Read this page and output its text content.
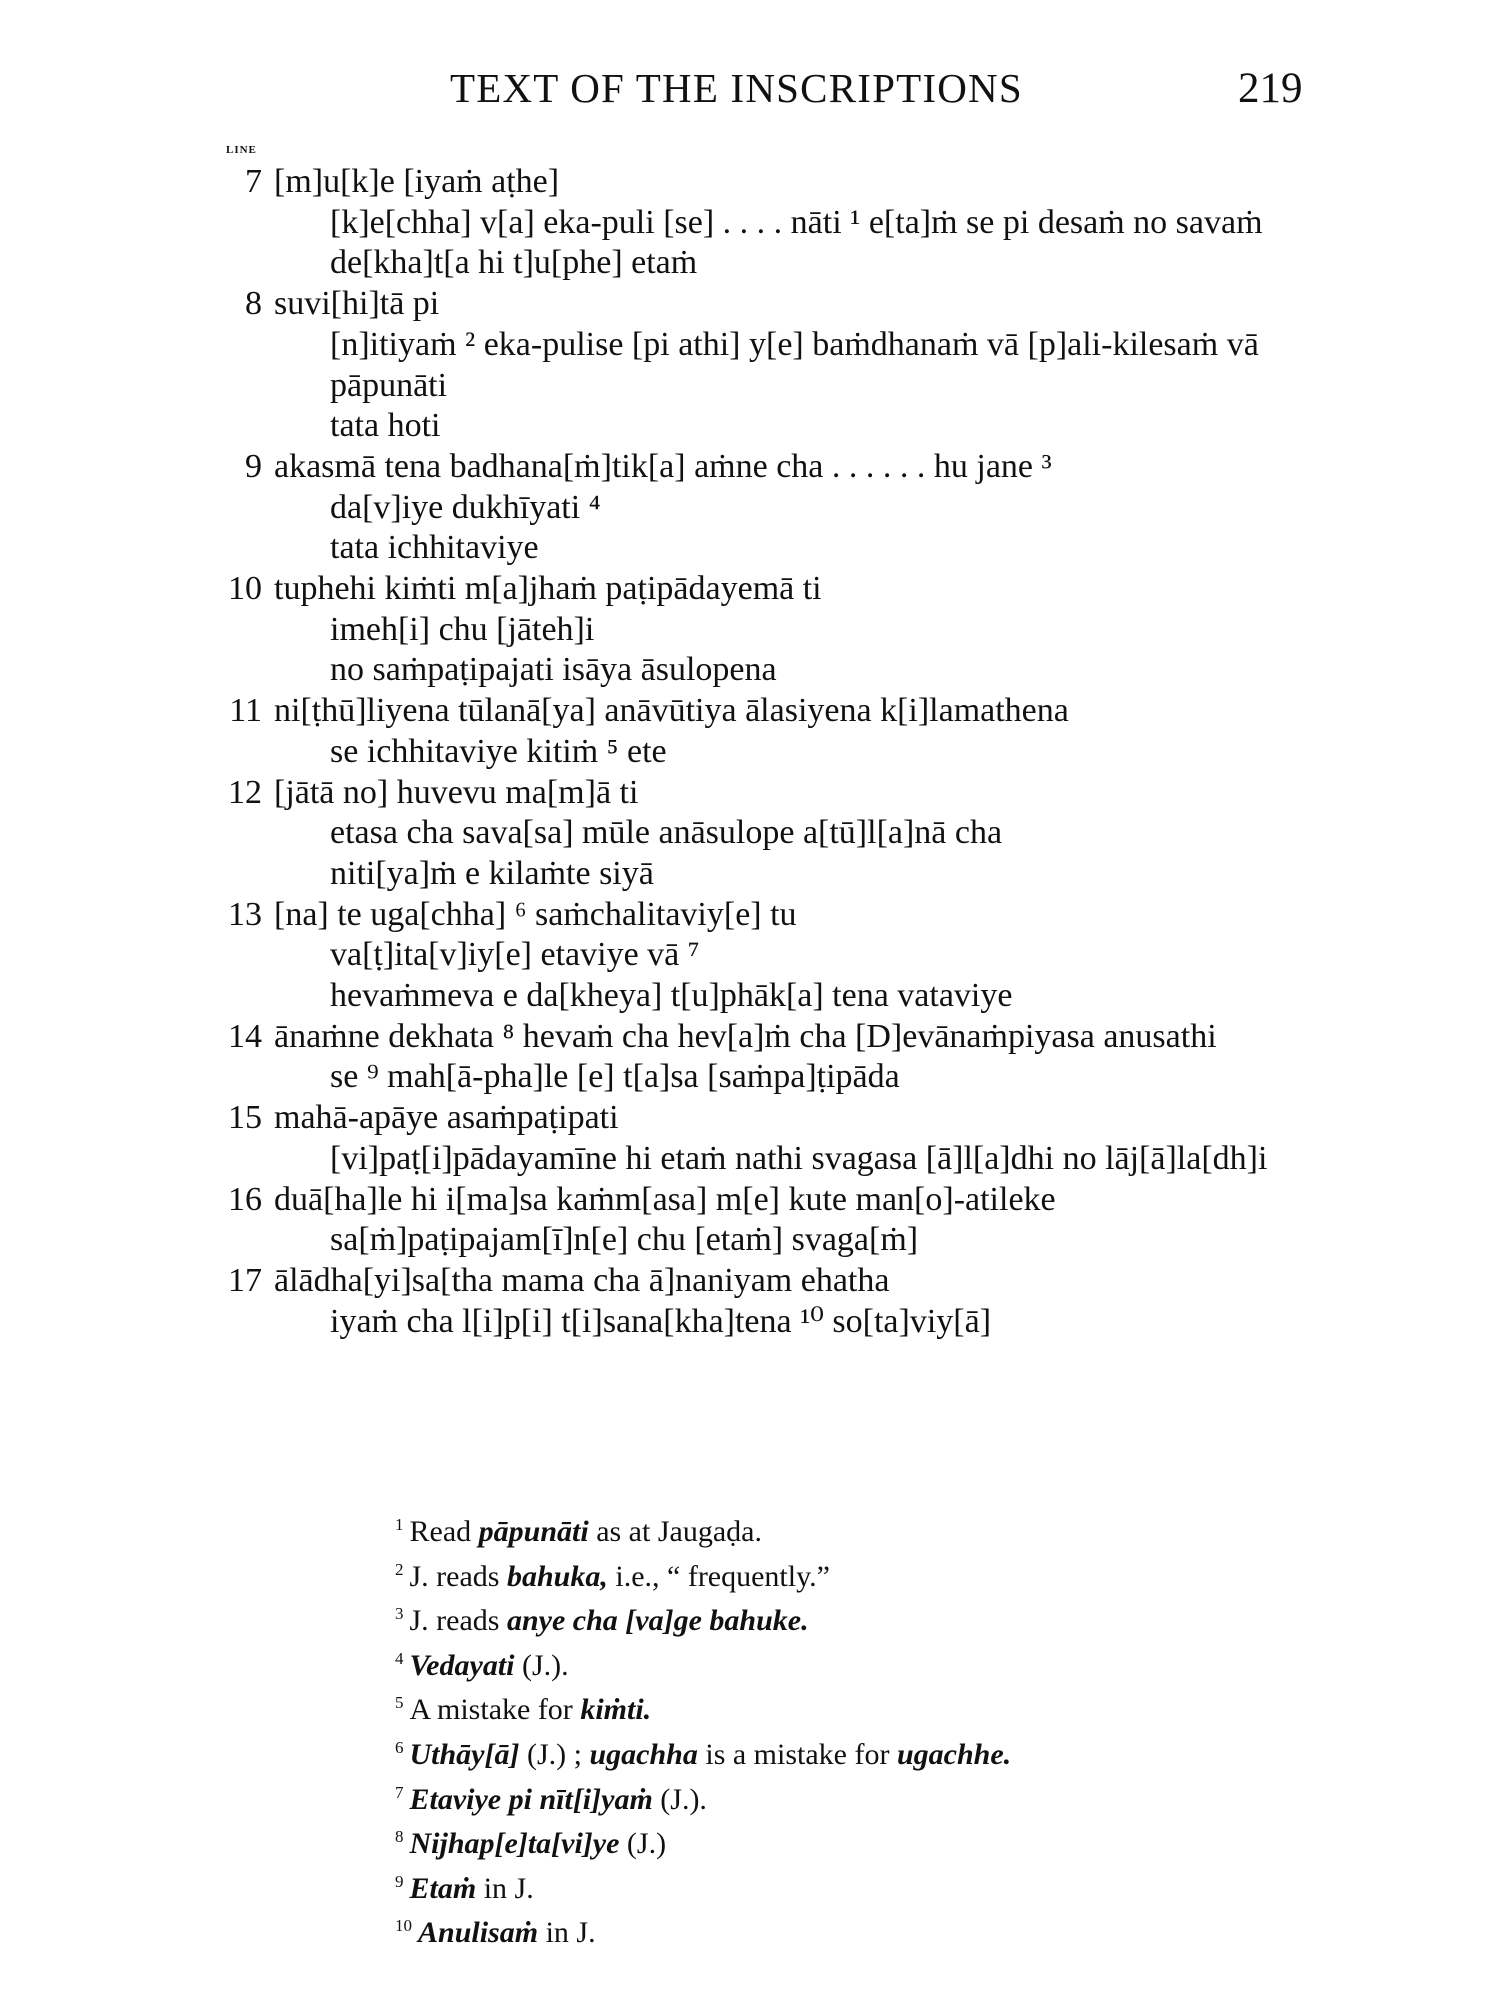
TEXT OF THE INSCRIPTIONS	219
LINE
7 [m]u[k]e [iyaṁ aṭhe]
[k]e[chha] v[a] eka-puli [se] . . . . nāti ¹ e[ta]ṁ se pi desaṁ no savaṁ
de[kha]t[a hi t]u[phe] etaṁ
8 suvi[hi]tā pi
[n]itiyaṁ ² eka-pulise [pi athi] y[e] baṁdhanaṁ vā [p]ali-kilesaṁ vā pāpunāti
tata hoti
9 akasmā tena badhana[ṁ]tik[a] aṁne cha . . . . . . hu jane ³
da[v]iye dukhīyati ⁴
tata ichhitaviye
10 tuphehi kiṁti m[a]jhaṁ paṭipādayemā ti
imeh[i] chu [jāteh]i
no saṁpaṭipajati isāya āsulopena
11 ni[ṭhū]liyena tūlanā[ya] anāvūtiya ālasiyena k[i]lamathena
se ichhitaviye kitiṁ ⁵ ete
12 [jātā no] huvevu ma[m]ā ti
etasa cha sava[sa] mūle anāsulope a[tū]l[a]nā cha
niti[ya]ṁ e kilaṁte siyā
13 [na] te uga[chha] ⁶ saṁchalitaviy[e] tu
va[ṭ]ita[v]iy[e] etaviye vā ⁷
hevaṁmeva e da[kheya] t[u]phāk[a] tena vataviye
14 ānaṁne dekhata ⁸ hevaṁ cha hev[a]ṁ cha [D]evānaṁpiyasa anusathi
se ⁹ mah[ā-pha]le [e] t[a]sa [saṁpa]ṭipāda
15 mahā-apāye asaṁpaṭipati
[vi]paṭ[i]pādayamīne hi etaṁ nathi svagasa [ā]l[a]dhi no lāj[ā]la[dh]i
16 duā[ha]le hi i[ma]sa kaṁm[asa] m[e] kute man[o]-atileke
sa[ṁ]paṭipajam[ī]n[e] chu [etaṁ] svaga[ṁ]
17 ālādha[yi]sa[tha mama cha ā]naniyam ehatha
iyaṁ cha l[i]p[i] t[i]sana[kha]tena ¹⁰ so[ta]viy[ā]
$^1$ Read pāpunāti as at Jaugaḍa.
$^2$ J. reads bahuka, i.e., “ frequently.”
$^3$ J. reads anye cha [va]ge bahuke.
$^4$ Vedayati (J.).
$^5$ A mistake for kiṁti.
$^6$ Uthāy[ā] (J.) ; ugachha is a mistake for ugachhe.
$^7$ Etaviye pi nīt[i]yaṁ (J.).
$^8$ Nijhap[e]ta[vi]ye (J.)
$^9$ Etaṁ in J.
$^{10}$ Anulisaṁ in J.
